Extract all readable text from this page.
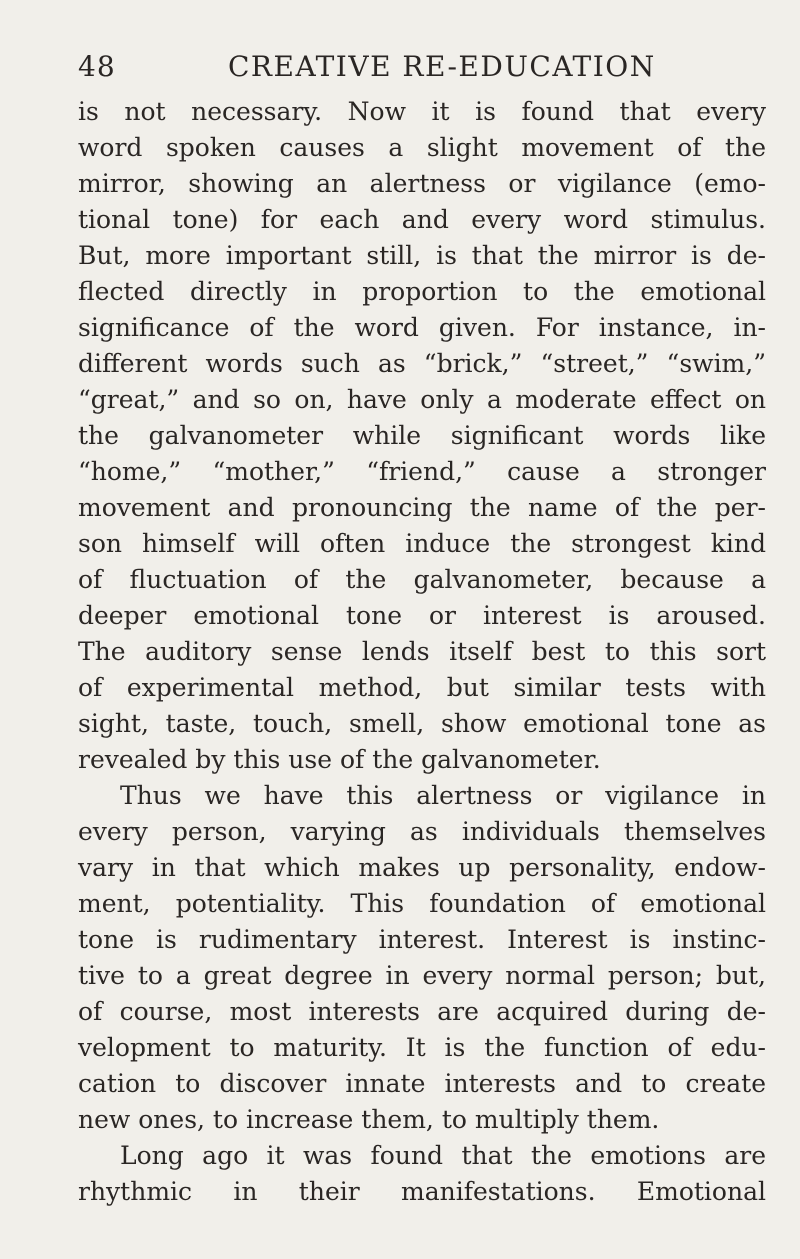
48	CREATIVE RE-EDUCATION
is not necessary. Now it is found that every
word spoken causes a slight movement of the
mirror, showing an alertness or vigilance (emo-
tional tone) for each and every word stimulus.
But, more important still, is that the mirror is de-
flected directly in proportion to the emotional
significance of the word given. For instance, in-
different words such as “brick,” “street,” “swim,”
“great,” and so on, have only a moderate effect on
the galvanometer while significant words like
“home,” “mother,” “friend,” cause a stronger
movement and pronouncing the name of the per-
son himself will often induce the strongest kind
of fluctuation of the galvanometer, because a
deeper emotional tone or interest is aroused.
The auditory sense lends itself best to this sort
of experimental method, but similar tests with
sight, taste, touch, smell, show emotional tone as
revealed by this use of the galvanometer.
Thus we have this alertness or vigilance in
every person, varying as individuals themselves
vary in that which makes up personality, endow-
ment, potentiality. This foundation of emotional
tone is rudimentary interest. Interest is instinc-
tive to a great degree in every normal person; but,
of course, most interests are acquired during de-
velopment to maturity. It is the function of edu-
cation to discover innate interests and to create
new ones, to increase them, to multiply them.
Long ago it was found that the emotions are
rhythmic in their manifestations. Emotional
